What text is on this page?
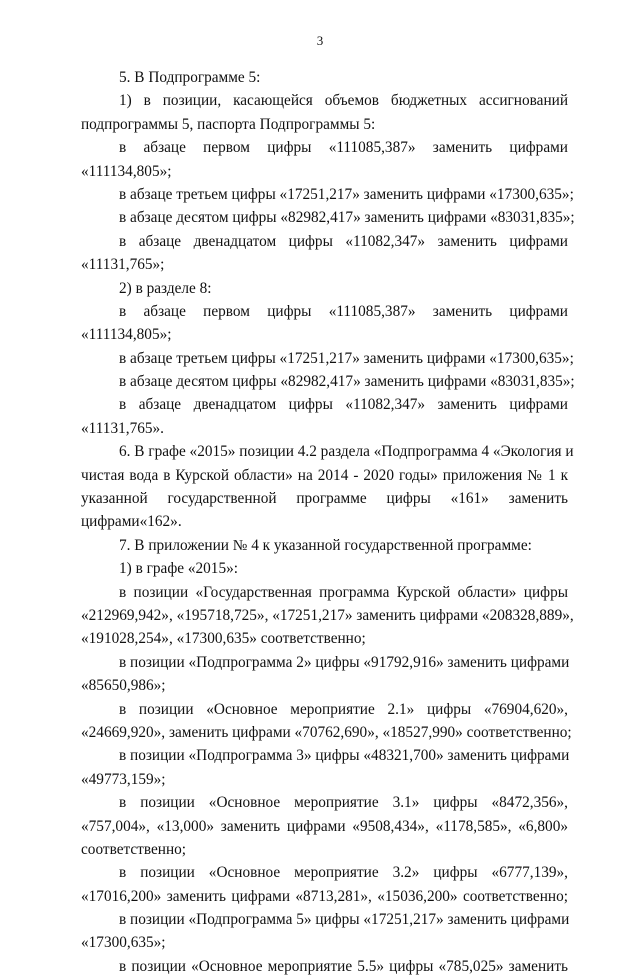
3
5. В Подпрограмме 5:
1) в позиции, касающейся объемов бюджетных ассигнований
подпрограммы 5, паспорта Подпрограммы 5:
в абзаце первом цифры «111085,387» заменить цифрами
«111134,805»;
в абзаце третьем цифры «17251,217» заменить цифрами «17300,635»;
в абзаце десятом цифры «82982,417» заменить цифрами «83031,835»;
в абзаце двенадцатом цифры «11082,347» заменить цифрами
«11131,765»;
2) в разделе 8:
в абзаце первом цифры «111085,387» заменить цифрами
«111134,805»;
в абзаце третьем цифры «17251,217» заменить цифрами «17300,635»;
в абзаце десятом цифры «82982,417» заменить цифрами «83031,835»;
в абзаце двенадцатом цифры «11082,347» заменить цифрами
«11131,765».
6. В графе «2015» позиции 4.2 раздела «Подпрограмма 4 «Экология и
чистая вода в Курской области» на 2014 - 2020 годы» приложения № 1 к
указанной государственной программе цифры «161» заменить
цифрами«162».
7. В приложении № 4 к указанной государственной программе:
1) в графе «2015»:
в позиции «Государственная программа Курской области» цифры
«212969,942», «195718,725», «17251,217» заменить цифрами «208328,889»,
«191028,254», «17300,635» соответственно;
в позиции «Подпрограмма 2» цифры «91792,916» заменить цифрами
«85650,986»;
в позиции «Основное мероприятие 2.1» цифры «76904,620»,
«24669,920», заменить цифрами «70762,690», «18527,990» соответственно;
в позиции «Подпрограмма 3» цифры «48321,700» заменить цифрами
«49773,159»;
в позиции «Основное мероприятие 3.1» цифры «8472,356»,
«757,004», «13,000» заменить цифрами «9508,434», «1178,585», «6,800»
соответственно;
в позиции «Основное мероприятие 3.2» цифры «6777,139»,
«17016,200» заменить цифрами «8713,281», «15036,200» соответственно;
в позиции «Подпрограмма 5» цифры «17251,217» заменить цифрами
«17300,635»;
в позиции «Основное мероприятие 5.5» цифры «785,025» заменить
